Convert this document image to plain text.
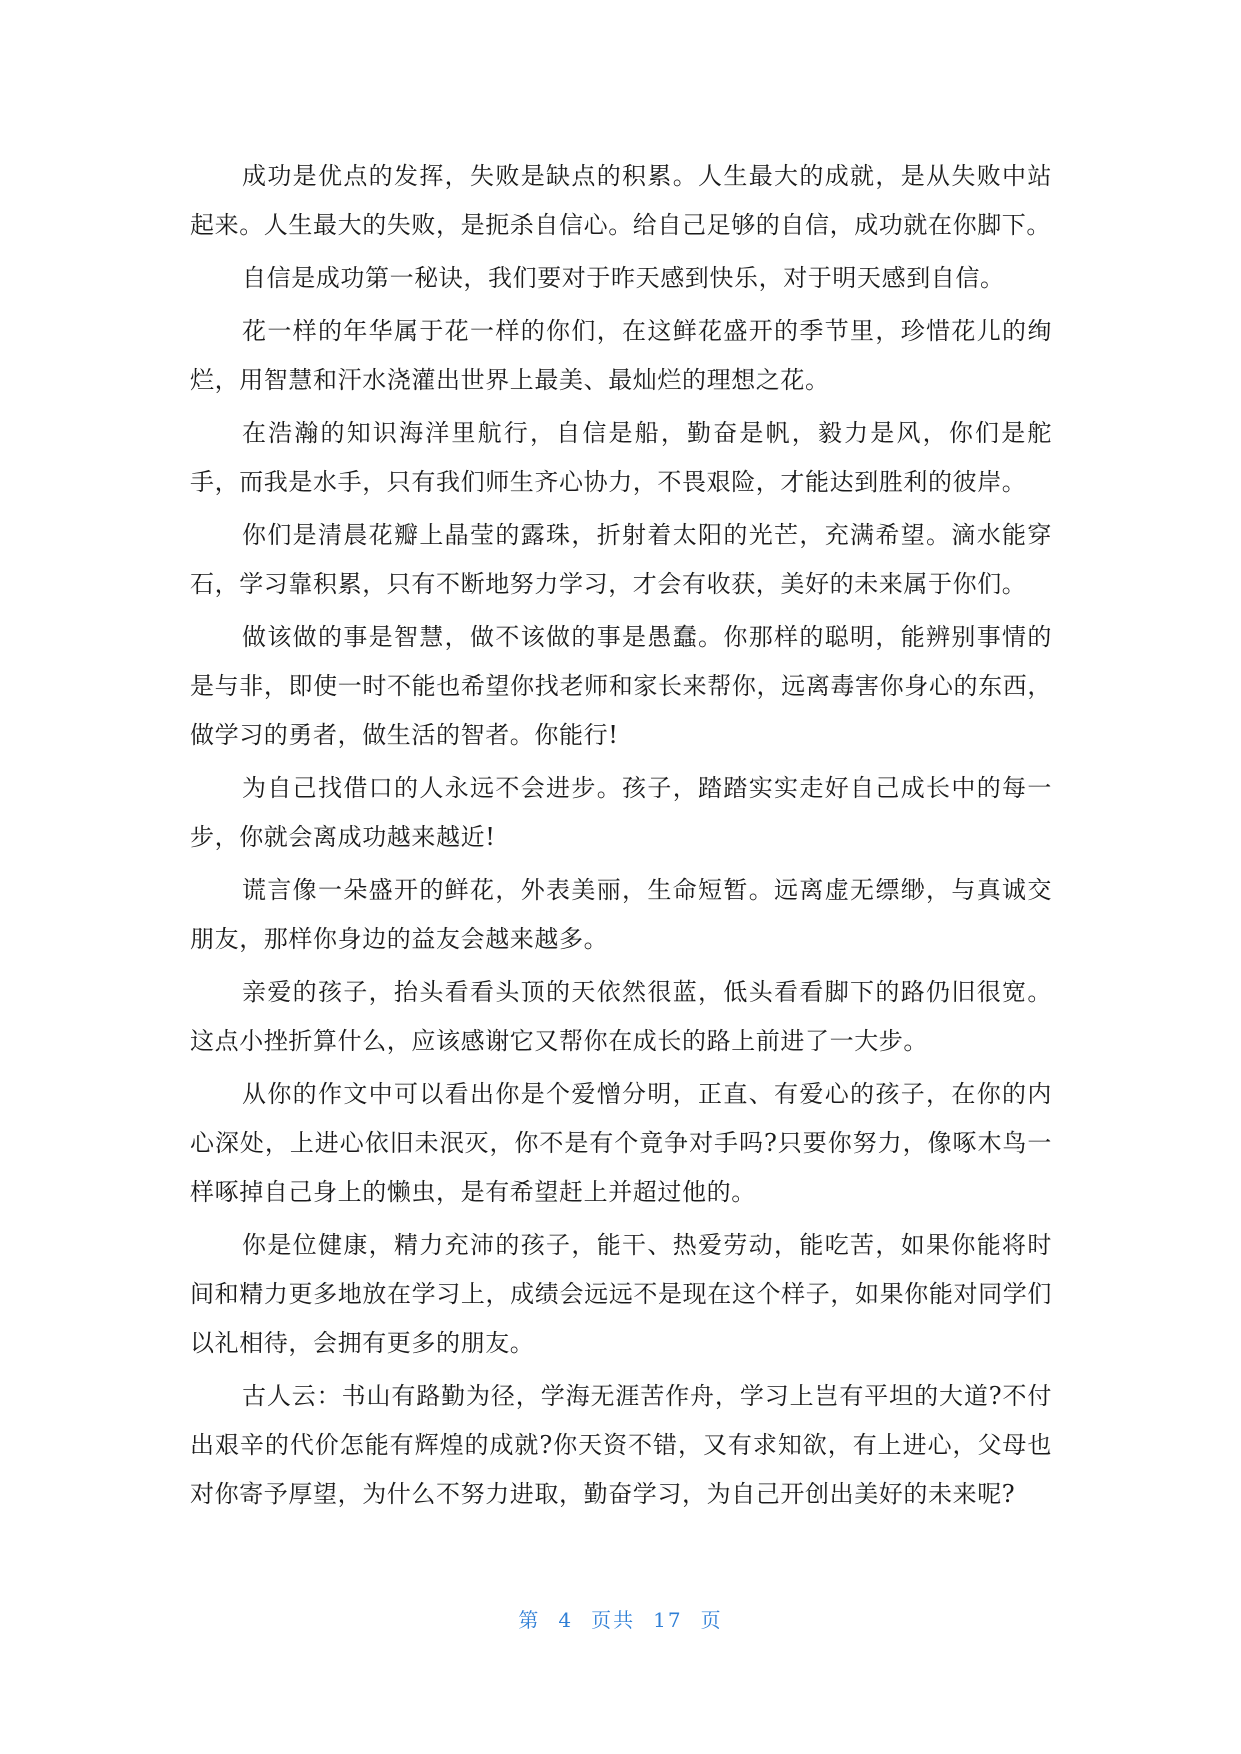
成功是优点的发挥，失败是缺点的积累。人生最大的成就，是从失败中站起来。人生最大的失败，是扼杀自信心。给自己足够的自信，成功就在你脚下。

自信是成功第一秘诀，我们要对于昨天感到快乐，对于明天感到自信。

花一样的年华属于花一样的你们，在这鲜花盛开的季节里，珍惜花儿的绚烂，用智慧和汗水浇灌出世界上最美、最灿烂的理想之花。

在浩瀚的知识海洋里航行，自信是船，勤奋是帆，毅力是风，你们是舵手，而我是水手，只有我们师生齐心协力，不畏艰险，才能达到胜利的彼岸。

你们是清晨花瓣上晶莹的露珠，折射着太阳的光芒，充满希望。滴水能穿石，学习靠积累，只有不断地努力学习，才会有收获，美好的未来属于你们。

做该做的事是智慧，做不该做的事是愚蠢。你那样的聪明，能辨别事情的是与非，即使一时不能也希望你找老师和家长来帮你，远离毒害你身心的东西，做学习的勇者，做生活的智者。你能行!

为自己找借口的人永远不会进步。孩子，踏踏实实走好自己成长中的每一步，你就会离成功越来越近!

谎言像一朵盛开的鲜花，外表美丽，生命短暂。远离虚无缥缈，与真诚交朋友，那样你身边的益友会越来越多。

亲爱的孩子，抬头看看头顶的天依然很蓝，低头看看脚下的路仍旧很宽。这点小挫折算什么，应该感谢它又帮你在成长的路上前进了一大步。

从你的作文中可以看出你是个爱憎分明，正直、有爱心的孩子，在你的内心深处，上进心依旧未泯灭，你不是有个竟争对手吗?只要你努力，像啄木鸟一样啄掉自己身上的懒虫，是有希望赶上并超过他的。

你是位健康，精力充沛的孩子，能干、热爱劳动，能吃苦，如果你能将时间和精力更多地放在学习上，成绩会远远不是现在这个样子，如果你能对同学们以礼相待，会拥有更多的朋友。

古人云：书山有路勤为径，学海无涯苦作舟，学习上岂有平坦的大道?不付出艰辛的代价怎能有辉煌的成就?你天资不错，又有求知欲，有上进心，父母也对你寄予厚望，为什么不努力进取，勤奋学习，为自己开创出美好的未来呢?

第 4 页共 17 页
